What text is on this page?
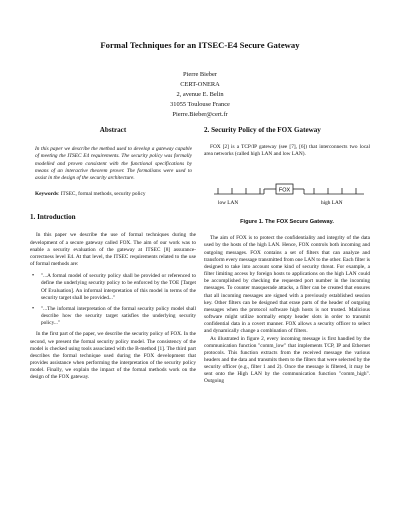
Formal Techniques for an ITSEC-E4 Secure Gateway
Pierre Bieber
CERT-ONERA
2, avenue E. Belin
31055 Toulouse France
Pierre.Bieber@cert.fr
Abstract
In this paper we describe the method used to develop a gateway capable of meeting the ITSEC E4 requirements. The security policy was formally modelled and proven consistent with the functional specifications by means of an interactive theorem prover. The formalisms were used to assist in the design of the security architecture.
Keywords: ITSEC, formal methods, security policy
1. Introduction

In this paper we describe the use of formal techniques during the development of a secure gateway called FOX. The aim of our work was to enable a security evaluation of the gateway at ITSEC [8] assurance-correctness level E4. At that level, the ITSEC requirements related to the use of formal methods are:

• "...A formal model of security policy shall be provided or referenced to define the underlying security policy to be enforced by the TOE [Target Of Evaluation]. An informal interpretation of this model in terms of the security target shall be provided..."
• "...The informal interpretation of the formal security policy model shall describe how the security target satisfies the underlying security policy..."

In the first part of the paper, we describe the security policy of FOX. In the second, we present the formal security policy model. The consistency of the model is checked using tools associated with the B-method [1]. The third part describes the formal technique used during the FOX development that provides assistance when performing the interpretation of the security policy model. Finally, we explain the impact of the formal methods work on the design of the FOX gateway.

2. Security Policy of the FOX Gateway

FOX [2] is a TCP/IP gateway (see [7], [6]) that interconnects two local area networks (called high LAN and low LAN).

FOX
low LAN	high LAN
Figure 1. The FOX Secure Gateway.

The aim of FOX is to protect the confidentiality and integrity of the data used by the hosts of the high LAN. Hence, FOX controls both incoming and outgoing messages. FOX contains a set of filters that can analyze and transform every message transmitted from one LAN to the other. Each filter is designed to take into account some kind of security threat. For example, a filter limiting access by foreign hosts to applications on the high LAN could be accomplished by checking the requested port number in the incoming messages. To counter masquerade attacks, a filter can be created that ensures that all incoming messages are signed with a previously established session key. Other filters can be designed that erase parts of the header of outgoing messages when the protocol software high hosts is not trusted. Malicious software might utilize normally empty header slots in order to transmit confidential data in a covert manner. FOX allows a security officer to select and dynamically change a combination of filters.

As illustrated in figure 2, every incoming message is first handled by the communication function "comm_low" that implements TCP, IP and Ethernet protocols. This function extracts from the received message the various headers and the data and transmits them to the filters that were selected by the security officer (e.g., filter 1 and 2). Once the message is filtered, it may be sent onto the High LAN by the communication function "comm_high". Outgoing
